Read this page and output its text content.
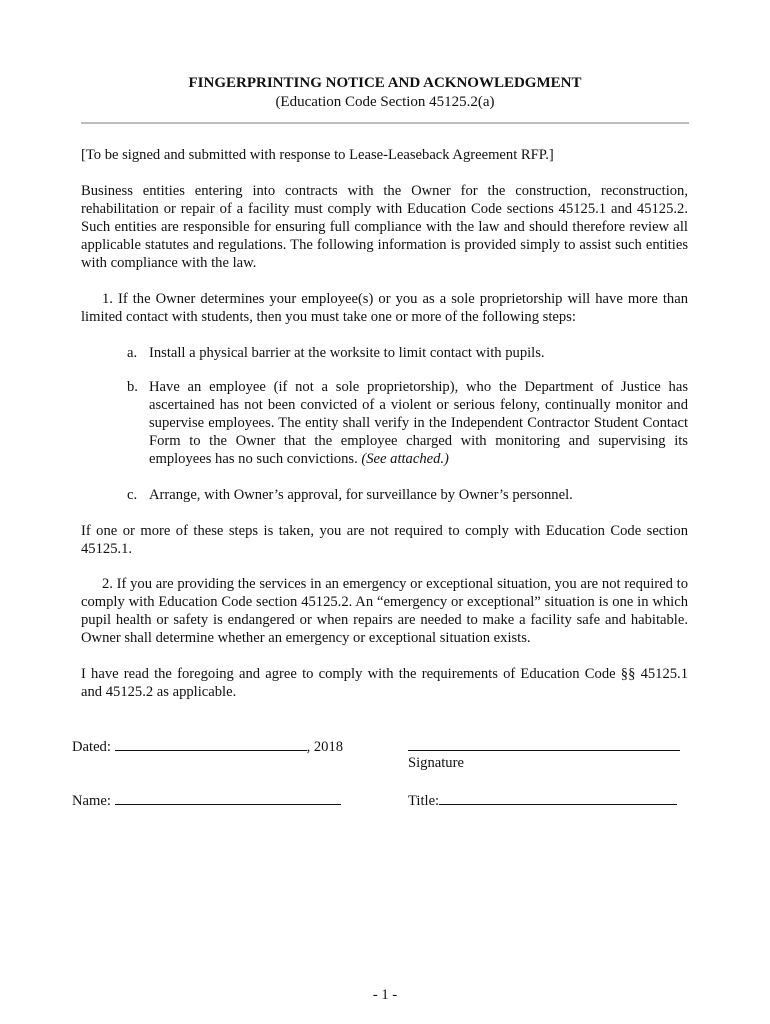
FINGERPRINTING NOTICE AND ACKNOWLEDGMENT
(Education Code Section 45125.2(a)

[To be signed and submitted with response to Lease-Leaseback Agreement RFP.]

Business entities entering into contracts with the Owner for the construction, reconstruction, rehabilitation or repair of a facility must comply with Education Code sections 45125.1 and 45125.2. Such entities are responsible for ensuring full compliance with the law and should therefore review all applicable statutes and regulations. The following information is provided simply to assist such entities with compliance with the law.

1. If the Owner determines your employee(s) or you as a sole proprietorship will have more than limited contact with students, then you must take one or more of the following steps:

a. Install a physical barrier at the worksite to limit contact with pupils.
b. Have an employee (if not a sole proprietorship), who the Department of Justice has ascertained has not been convicted of a violent or serious felony, continually monitor and supervise employees. The entity shall verify in the Independent Contractor Student Contact Form to the Owner that the employee charged with monitoring and supervising its employees has no such convictions. (See attached.)
c. Arrange, with Owner’s approval, for surveillance by Owner’s personnel.

If one or more of these steps is taken, you are not required to comply with Education Code section 45125.1.

2. If you are providing the services in an emergency or exceptional situation, you are not required to comply with Education Code section 45125.2. An “emergency or exceptional” situation is one in which pupil health or safety is endangered or when repairs are needed to make a facility safe and habitable. Owner shall determine whether an emergency or exceptional situation exists.

I have read the foregoing and agree to comply with the requirements of Education Code §§ 45125.1 and 45125.2 as applicable.

Dated:	, 2018
Signature
Name:	Title:
- 1 -
